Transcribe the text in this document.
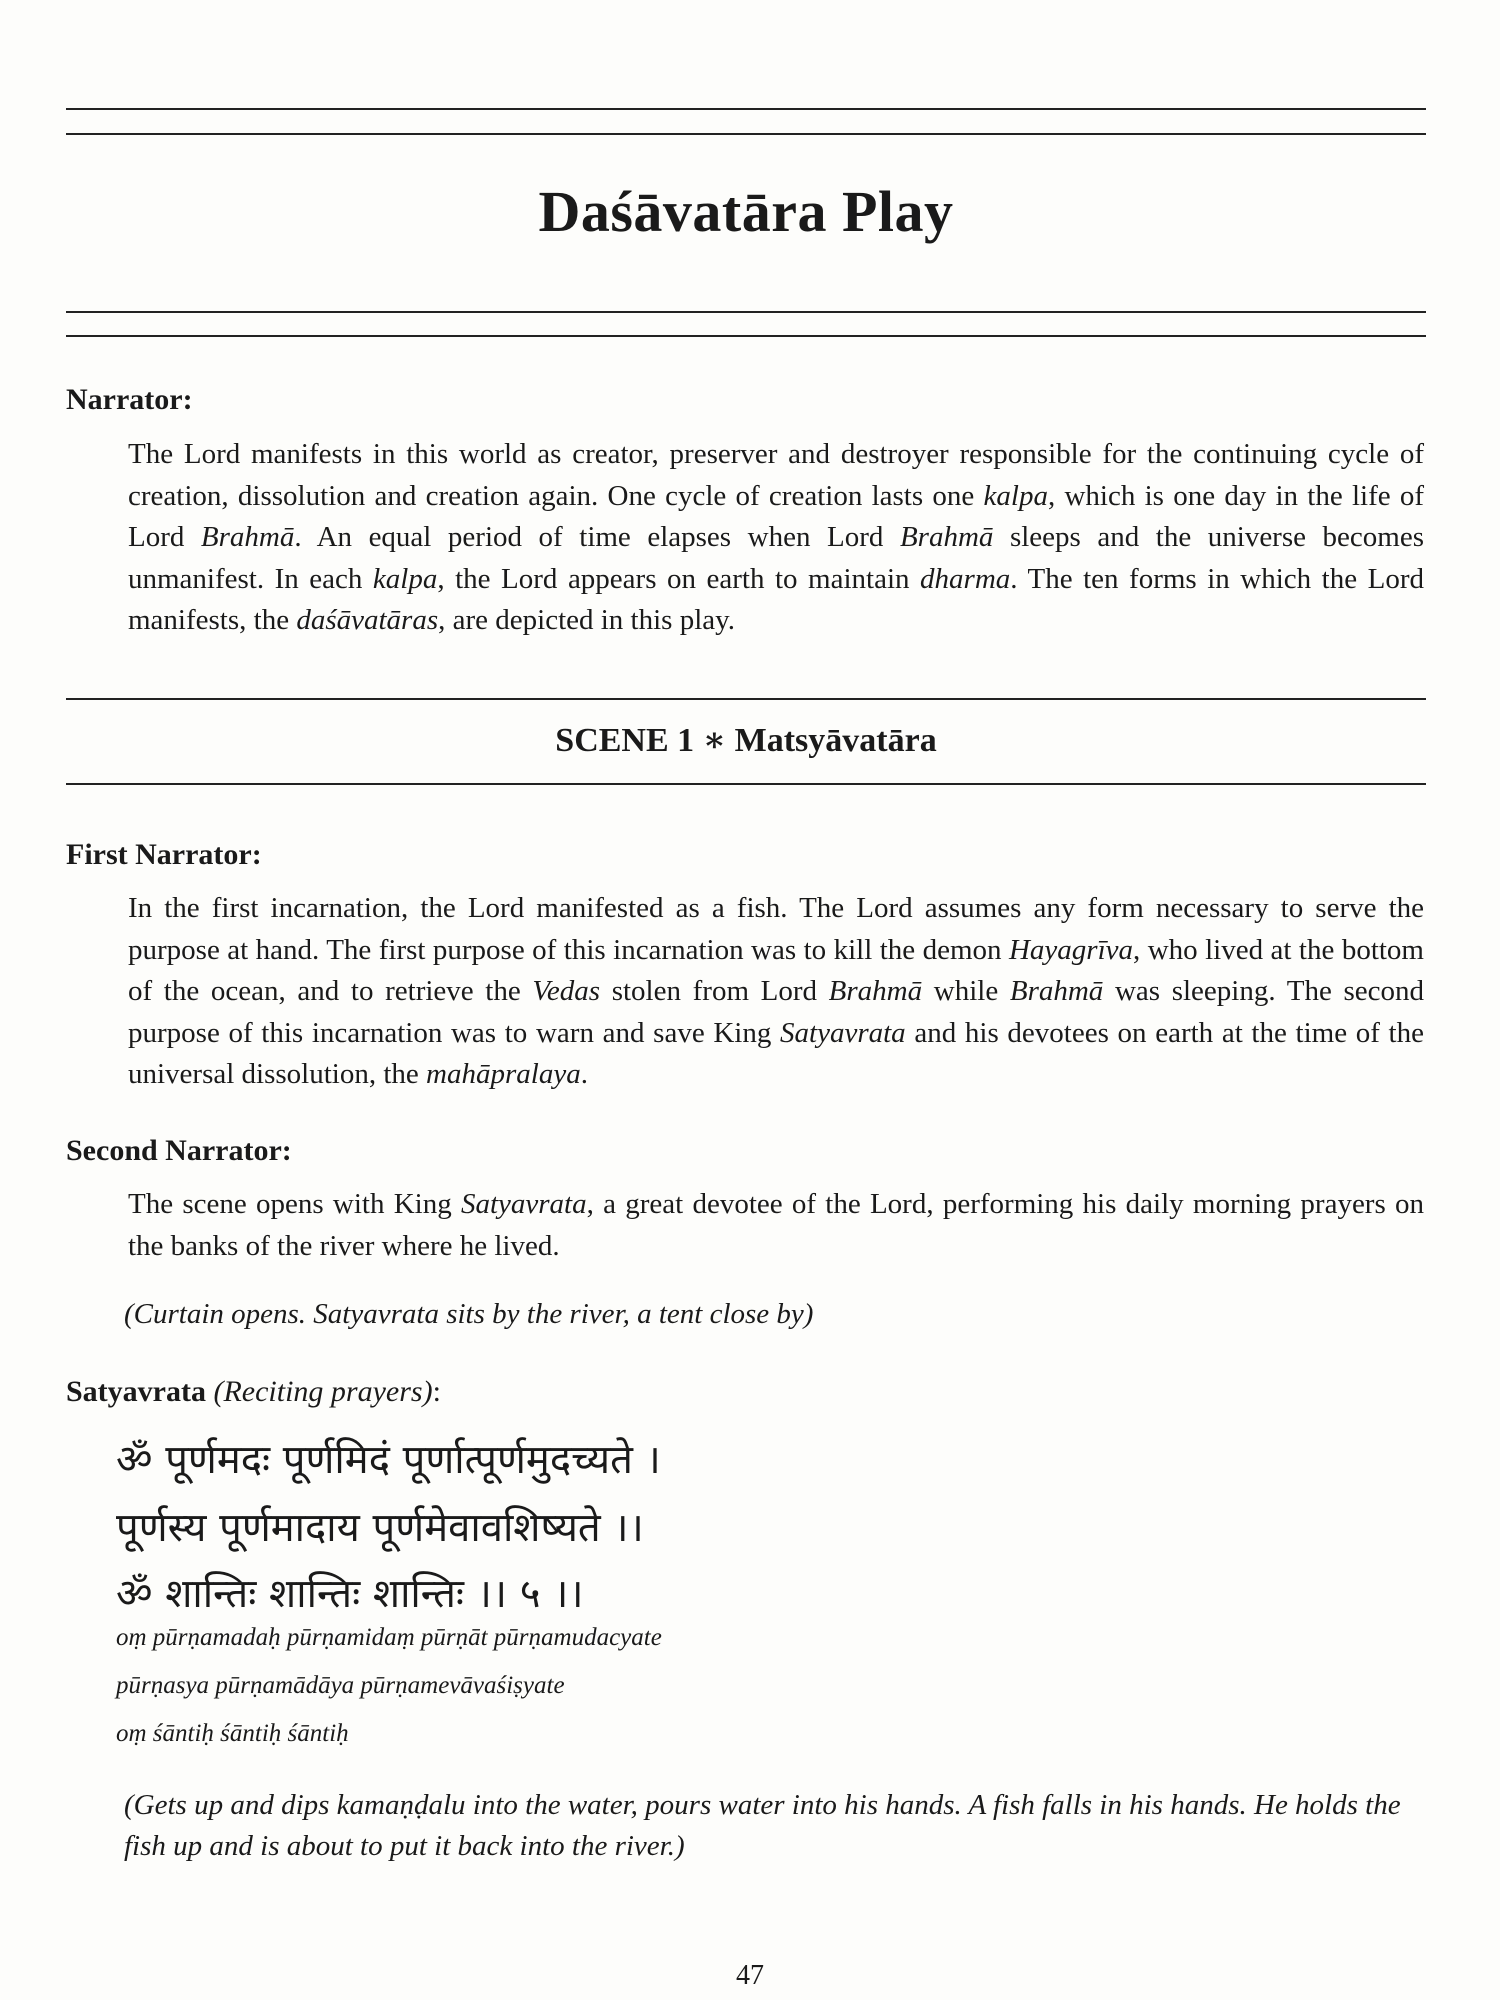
Daśāvatāra Play
Narrator:
The Lord manifests in this world as creator, preserver and destroyer responsible for the continuing cycle of creation, dissolution and creation again. One cycle of creation lasts one kalpa, which is one day in the life of Lord Brahmā. An equal period of time elapses when Lord Brahmā sleeps and the universe becomes unmanifest. In each kalpa, the Lord appears on earth to maintain dharma. The ten forms in which the Lord manifests, the daśāvatāras, are depicted in this play.
SCENE 1 ∗ Matsyāvatāra
First Narrator:
In the first incarnation, the Lord manifested as a fish. The Lord assumes any form necessary to serve the purpose at hand. The first purpose of this incarnation was to kill the demon Hayagrīva, who lived at the bottom of the ocean, and to retrieve the Vedas stolen from Lord Brahmā while Brahmā was sleeping. The second purpose of this incarnation was to warn and save King Satyavrata and his devotees on earth at the time of the universal dissolution, the mahāpralaya.
Second Narrator:
The scene opens with King Satyavrata, a great devotee of the Lord, performing his daily morning prayers on the banks of the river where he lived.
(Curtain opens. Satyavrata sits by the river, a tent close by)
Satyavrata (Reciting prayers):
ॐ पूर्णमदः पूर्णमिदं पूर्णात्पूर्णमुदच्यते ।
पूर्णस्य पूर्णमादाय पूर्णमेवावशिष्यते ।।
ॐ शान्तिः शान्तिः शान्तिः ।। ५ ।।
oṃ pūrṇamadaḥ pūrṇamidaṃ pūrṇāt pūrṇamudacyate
pūrṇasya pūrṇamādāya pūrṇamevāvaśiṣyate
oṃ śāntiḥ śāntiḥ śāntiḥ
(Gets up and dips kamaṇḍalu into the water, pours water into his hands. A fish falls in his hands. He holds the fish up and is about to put it back into the river.)
47
